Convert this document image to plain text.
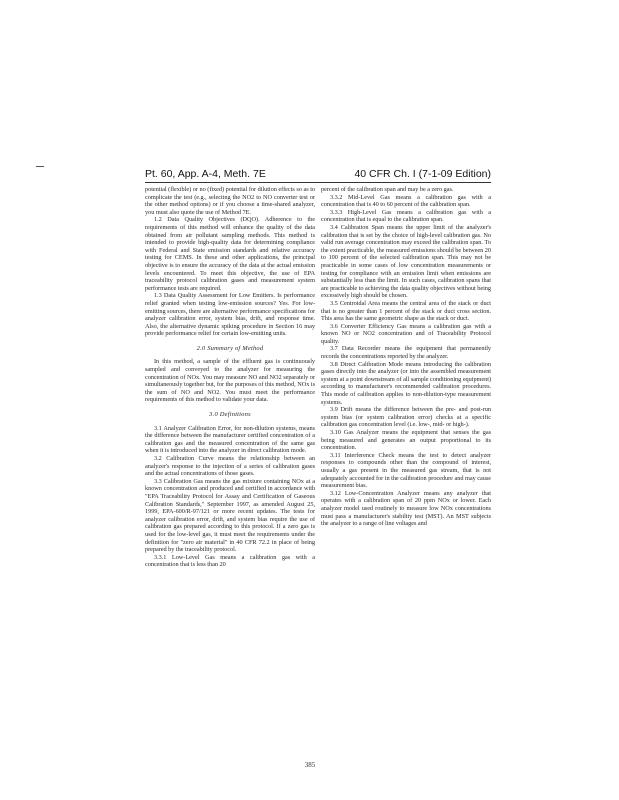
Pt. 60, App. A-4, Meth. 7E	40 CFR Ch. I (7-1-09 Edition)

potential (flexible) or no (fixed) potential for dilution effects so as to complicate the test (e.g., selecting the NO2 to NO converter test or the other method options) or if you choose a time-shared analyzer, you must also quote the use of Method 7E.

1.2 Data Quality Objectives (DQO). Adherence to the requirements of this method will enhance the quality of the data obtained from air pollutant sampling methods. This method is intended to provide high-quality data for determining compliance with Federal and State emission standards and relative accuracy testing for CEMS. In these and other applications, the principal objective is to ensure the accuracy of the data at the actual emission levels encountered. To meet this objective, the use of EPA traceability protocol calibration gases and measurement system performance tests are required.

1.3 Data Quality Assessment for Low Emitters. Is performance relief granted when testing low-emission sources? Yes. For low-emitting sources, there are alternative performance specifications for analyzer calibration error, system bias, drift, and response time. Also, the alternative dynamic spiking procedure in Section 16 may provide performance relief for certain low-emitting units.

2.0 Summary of Method

In this method, a sample of the effluent gas is continuously sampled and conveyed to the analyzer for measuring the concentration of NOx. You may measure NO and NO2 separately or simultaneously together but, for the purposes of this method, NOx is the sum of NO and NO2. You must meet the performance requirements of this method to validate your data.

3.0 Definitions

3.1 Analyzer Calibration Error, for non-dilution systems, means the difference between the manufacturer certified concentration of a calibration gas and the measured concentration of the same gas when it is introduced into the analyzer in direct calibration mode.

3.2 Calibration Curve means the relationship between an analyzer's response to the injection of a series of calibration gases and the actual concentrations of those gases.

3.3 Calibration Gas means the gas mixture containing NOx at a known concentration and produced and certified in accordance with "EPA Traceability Protocol for Assay and Certification of Gaseous Calibration Standards," September 1997, as amended August 25, 1999, EPA-600/R-97/121 or more recent updates. The tests for analyzer calibration error, drift, and system bias require the use of calibration gas prepared according to this protocol. If a zero gas is used for the low-level gas, it must meet the requirements under the definition for "zero air material" in 40 CFR 72.2 in place of being prepared by the traceability protocol.

3.3.1 Low-Level Gas means a calibration gas with a concentration that is less than 20

percent of the calibration span and may be a zero gas.

3.3.2 Mid-Level Gas means a calibration gas with a concentration that is 40 to 60 percent of the calibration span.

3.3.3 High-Level Gas means a calibration gas with a concentration that is equal to the calibration span.

3.4 Calibration Span means the upper limit of the analyzer's calibration that is set by the choice of high-level calibration gas. No valid run average concentration may exceed the calibration span. To the extent practicable, the measured emissions should be between 20 to 100 percent of the selected calibration span. This may not be practicable in some cases of low concentration measurements or testing for compliance with an emission limit when emissions are substantially less than the limit. In such cases, calibration spans that are practicable to achieving the data quality objectives without being excessively high should be chosen.

3.5 Centroidal Area means the central area of the stack or duct that is no greater than 1 percent of the stack or duct cross section. This area has the same geometric shape as the stack or duct.

3.6 Converter Efficiency Gas means a calibration gas with a known NO or NO2 concentration and of Traceability Protocol quality.

3.7 Data Recorder means the equipment that permanently records the concentrations reported by the analyzer.

3.8 Direct Calibration Mode means introducing the calibration gases directly into the analyzer (or into the assembled measurement system at a point downstream of all sample conditioning equipment) according to manufacturer's recommended calibration procedures. This mode of calibration applies to non-dilution-type measurement systems.

3.9 Drift means the difference between the pre- and post-run system bias (or system calibration error) checks at a specific calibration gas concentration level (i.e. low-, mid- or high-).

3.10 Gas Analyzer means the equipment that senses the gas being measured and generates an output proportional to its concentration.

3.11 Interference Check means the test to detect analyzer responses to compounds other than the compound of interest, usually a gas present in the measured gas stream, that is not adequately accounted for in the calibration procedure and may cause measurement bias.

3.12 Low-Concentration Analyzer means any analyzer that operates with a calibration span of 20 ppm NOx or lower. Each analyzer model used routinely to measure low NOx concentrations must pass a manufacturer's stability test (MST). An MST subjects the analyzer to a range of line voltages and

385
